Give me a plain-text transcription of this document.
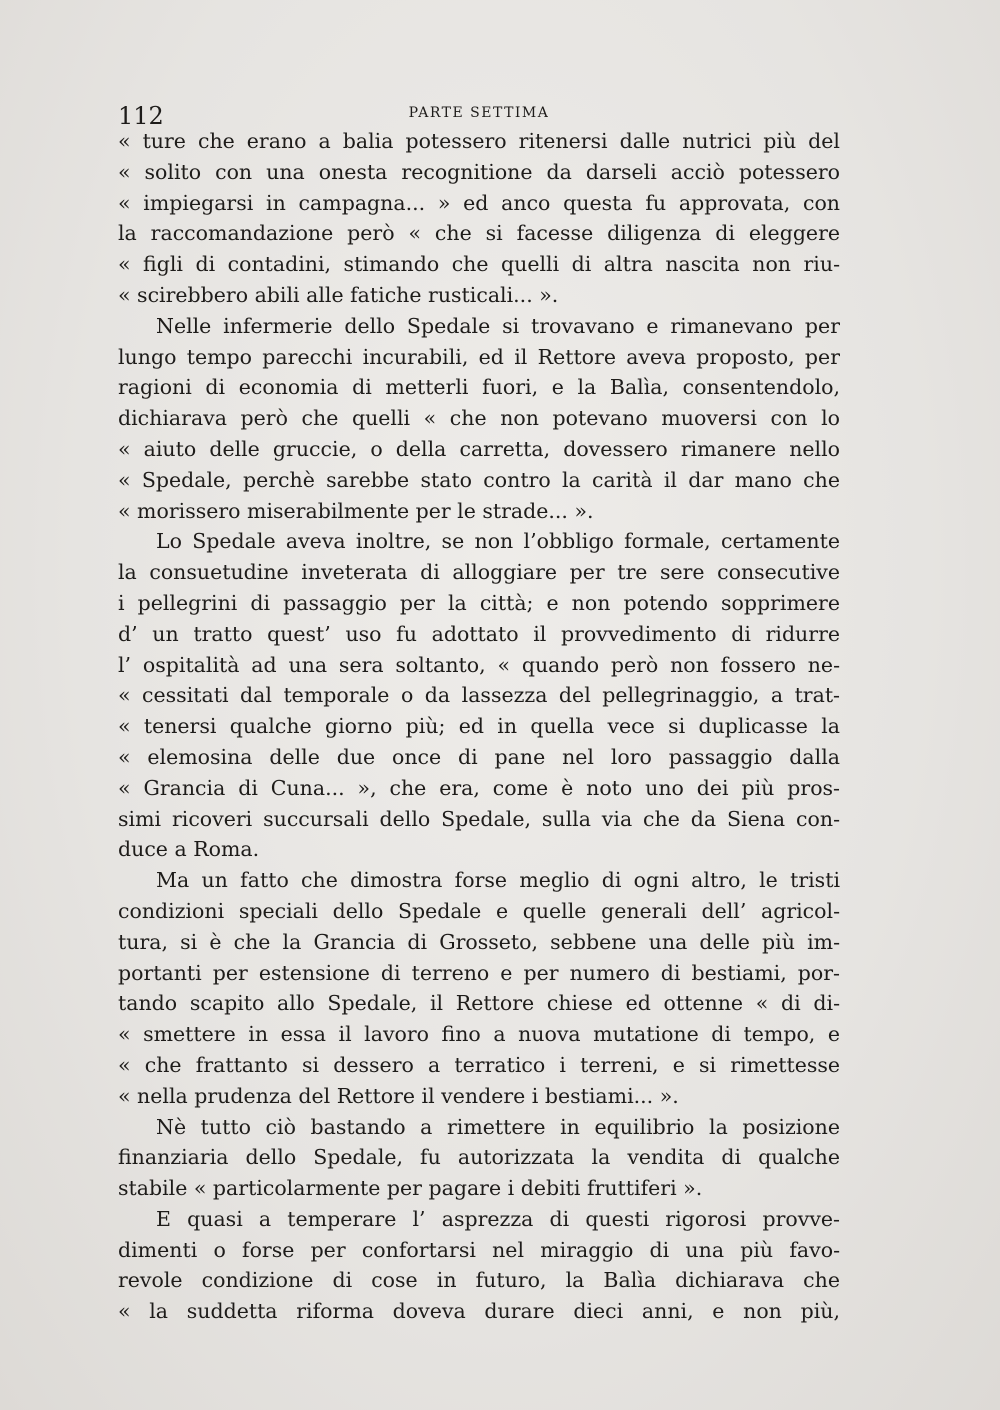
112	PARTE SETTIMA
« ture che erano a balia potessero ritenersi dalle nutrici più del
« solito con una onesta recognitione da darseli acciò potessero
« impiegarsi in campagna... » ed anco questa fu approvata, con
la raccomandazione però « che si facesse diligenza di eleggere
« figli di contadini, stimando che quelli di altra nascita non riu-
« scirebbero abili alle fatiche rusticali... ».
Nelle infermerie dello Spedale si trovavano e rimanevano per
lungo tempo parecchi incurabili, ed il Rettore aveva proposto, per
ragioni di economia di metterli fuori, e la Balìa, consentendolo,
dichiarava però che quelli « che non potevano muoversi con lo
« aiuto delle gruccie, o della carretta, dovessero rimanere nello
« Spedale, perchè sarebbe stato contro la carità il dar mano che
« morissero miserabilmente per le strade... ».
Lo Spedale aveva inoltre, se non l’obbligo formale, certamente
la consuetudine inveterata di alloggiare per tre sere consecutive
i pellegrini di passaggio per la città; e non potendo sopprimere
d’ un tratto quest’ uso fu adottato il provvedimento di ridurre
l’ ospitalità ad una sera soltanto, « quando però non fossero ne-
« cessitati dal temporale o da lassezza del pellegrinaggio, a trat-
« tenersi qualche giorno più; ed in quella vece si duplicasse la
« elemosina delle due once di pane nel loro passaggio dalla
« Grancia di Cuna... », che era, come è noto uno dei più pros-
simi ricoveri succursali dello Spedale, sulla via che da Siena con-
duce a Roma.
Ma un fatto che dimostra forse meglio di ogni altro, le tristi
condizioni speciali dello Spedale e quelle generali dell’ agricol-
tura, si è che la Grancia di Grosseto, sebbene una delle più im-
portanti per estensione di terreno e per numero di bestiami, por-
tando scapito allo Spedale, il Rettore chiese ed ottenne « di di-
« smettere in essa il lavoro fino a nuova mutatione di tempo, e
« che frattanto si dessero a terratico i terreni, e si rimettesse
« nella prudenza del Rettore il vendere i bestiami... ».
Nè tutto ciò bastando a rimettere in equilibrio la posizione
finanziaria dello Spedale, fu autorizzata la vendita di qualche
stabile « particolarmente per pagare i debiti fruttiferi ».
E quasi a temperare l’ asprezza di questi rigorosi provve-
dimenti o forse per confortarsi nel miraggio di una più favo-
revole condizione di cose in futuro, la Balìa dichiarava che
« la suddetta riforma doveva durare dieci anni, e non più,
